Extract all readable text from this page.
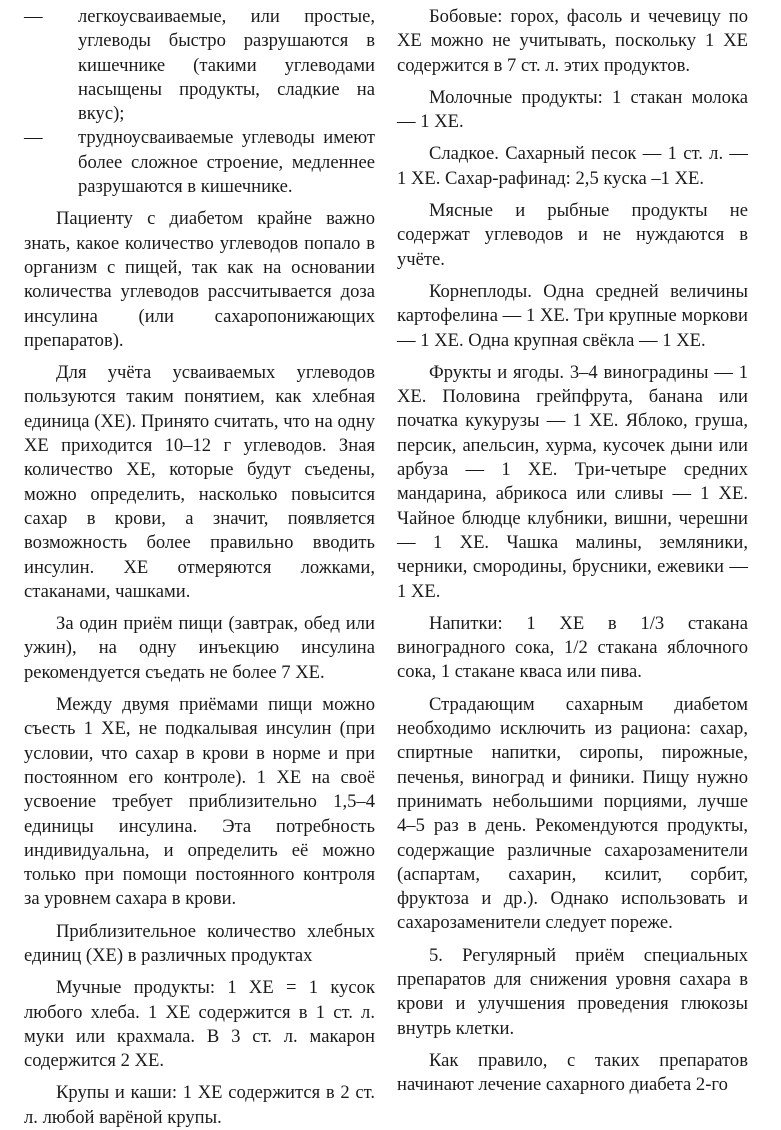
—	легкоусваиваемые, или простые, углеводы быстро разрушаются в кишечнике (такими углеводами насыщены продукты, сладкие на вкус);
—	трудноусваиваемые углеводы имеют более сложное строение, медленнее разрушаются в кишечнике.

Пациенту с диабетом крайне важно знать, какое количество углеводов попало в организм с пищей, так как на основании количества углеводов рассчитывается доза инсулина (или сахаропонижающих препаратов).

Для учёта усваиваемых углеводов пользуются таким понятием, как хлебная единица (ХЕ). Принято считать, что на одну ХЕ приходится 10–12 г углеводов. Зная количество ХЕ, которые будут съедены, можно определить, насколько повысится сахар в крови, а значит, появляется возможность более правильно вводить инсулин. ХЕ отмеряются ложками, стаканами, чашками.

За один приём пищи (завтрак, обед или ужин), на одну инъекцию инсулина рекомендуется съедать не более 7 ХЕ.

Между двумя приёмами пищи можно съесть 1 ХЕ, не подкалывая инсулин (при условии, что сахар в крови в норме и при постоянном его контроле). 1 ХЕ на своё усвоение требует приблизительно 1,5–4 единицы инсулина. Эта потребность индивидуальна, и определить её можно только при помощи постоянного контроля за уровнем сахара в крови.

Приблизительное количество хлебных единиц (ХЕ) в различных продуктах

Мучные продукты: 1 ХЕ = 1 кусок любого хлеба. 1 ХЕ содержится в 1 ст. л. муки или крахмала. В 3 ст. л. макарон содержится 2 ХЕ.

Крупы и каши: 1 ХЕ содержится в 2 ст. л. любой варёной крупы.

Бобовые: горох, фасоль и чечевицу по ХЕ можно не учитывать, поскольку 1 ХЕ содержится в 7 ст. л. этих продуктов.

Молочные продукты: 1 стакан молока — 1 ХЕ.

Сладкое. Сахарный песок — 1 ст. л. — 1 ХЕ. Сахар-рафинад: 2,5 куска –1 ХЕ.

Мясные и рыбные продукты не содержат углеводов и не нуждаются в учёте.

Корнеплоды. Одна средней величины картофелина — 1 ХЕ. Три крупные моркови — 1 ХЕ. Одна крупная свёкла — 1 ХЕ.

Фрукты и ягоды. 3–4 виноградины — 1 ХЕ. Половина грейпфрута, банана или початка кукурузы — 1 ХЕ. Яблоко, груша, персик, апельсин, хурма, кусочек дыни или арбуза — 1 ХЕ. Три-четыре средних мандарина, абрикоса или сливы — 1 ХЕ. Чайное блюдце клубники, вишни, черешни — 1 ХЕ. Чашка малины, земляники, черники, смородины, брусники, ежевики — 1 ХЕ.

Напитки: 1 ХЕ в 1/3 стакана виноградного сока, 1/2 стакана яблочного сока, 1 стакане кваса или пива.

Страдающим сахарным диабетом необходимо исключить из рациона: сахар, спиртные напитки, сиропы, пирожные, печенья, виноград и финики. Пищу нужно принимать небольшими порциями, лучше 4–5 раз в день. Рекомендуются продукты, содержащие различные сахарозаменители (аспартам, сахарин, ксилит, сорбит, фруктоза и др.). Однако использовать и сахарозаменители следует пореже.

5. Регулярный приём специальных препаратов для снижения уровня сахара в крови и улучшения проведения глюкозы внутрь клетки.

Как правило, с таких препаратов начинают лечение сахарного диабета 2-го
